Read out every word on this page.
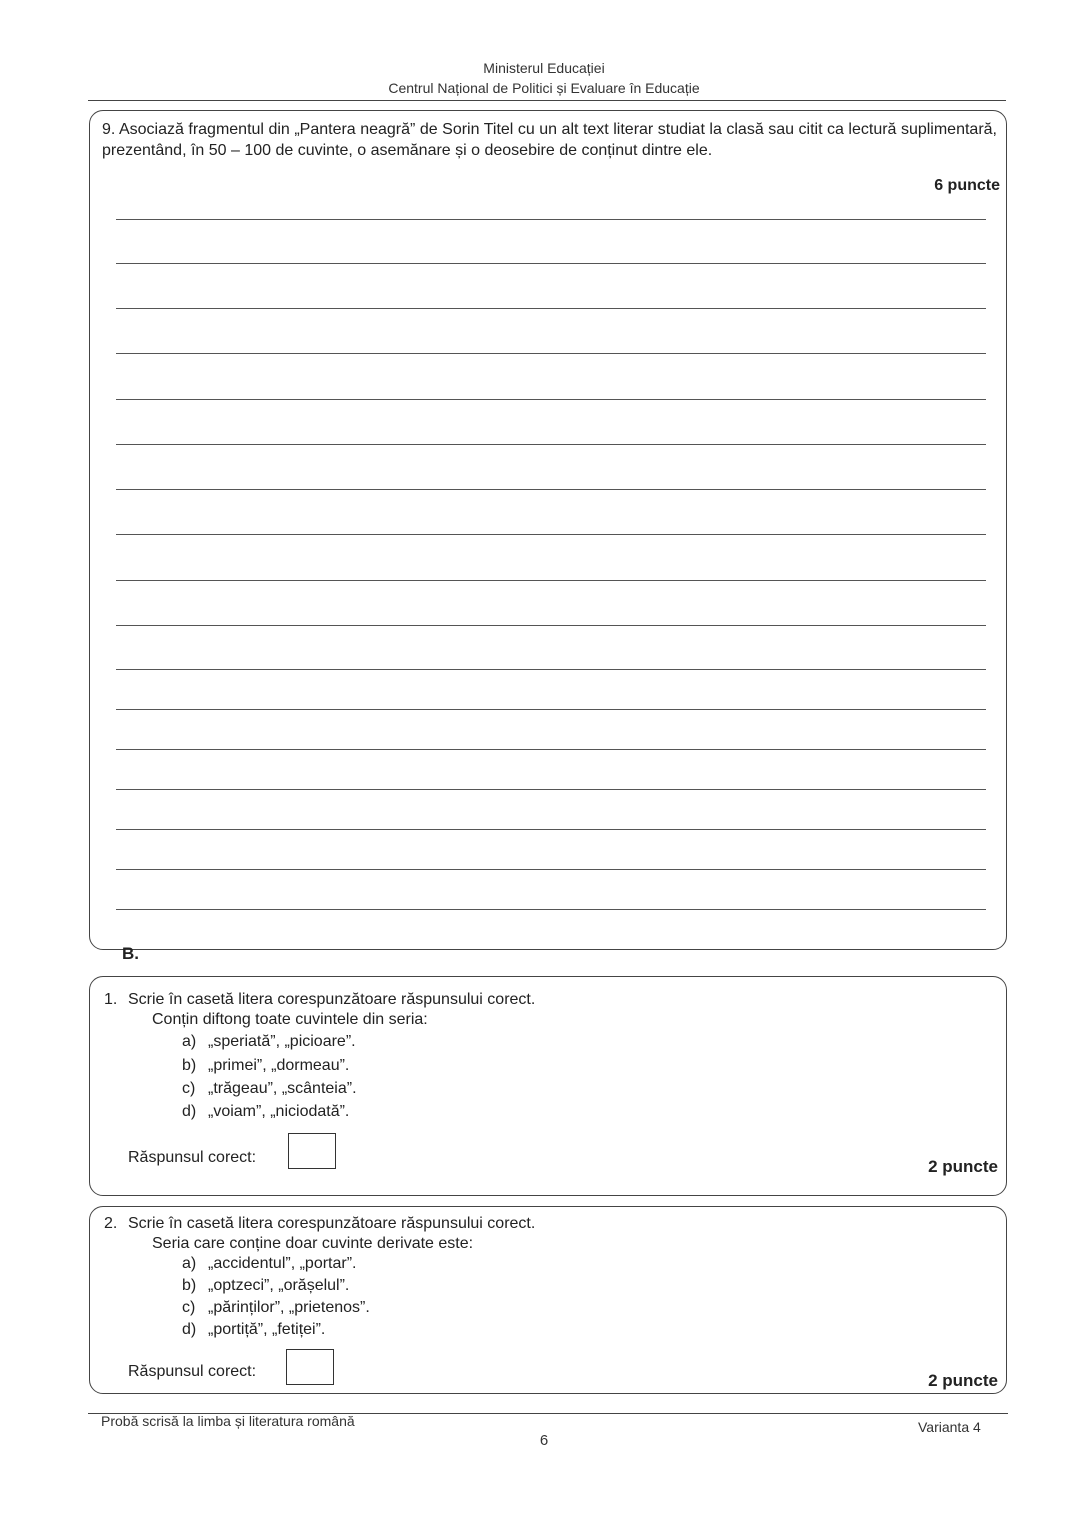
Ministerul Educației
Centrul Național de Politici și Evaluare în Educație
9. Asociază fragmentul din „Pantera neagră” de Sorin Titel cu un alt text literar studiat la clasă sau citit ca lectură suplimentară, prezentând, în 50 – 100 de cuvinte, o asemănare și o deosebire de conținut dintre ele.
6 puncte
B.
1. Scrie în casetă litera corespunzătoare răspunsului corect.
Conțin diftong toate cuvintele din seria:
a) „speriată”, „picioare”.
b) „primei”, „dormeau”.
c) „trăgeau”, „scânteia”.
d) „voiam”, „niciodată”.
Răspunsul corect:	2 puncte
2. Scrie în casetă litera corespunzătoare răspunsului corect.
Seria care conține doar cuvinte derivate este:
a) „accidentul”, „portar”.
b) „optzeci”, „orășelul”.
c) „părinților”, „prietenos”.
d) „portiță”, „fetiței”.
Răspunsul corect:	2 puncte
Probă scrisă la limba și literatura română	Varianta 4
6
